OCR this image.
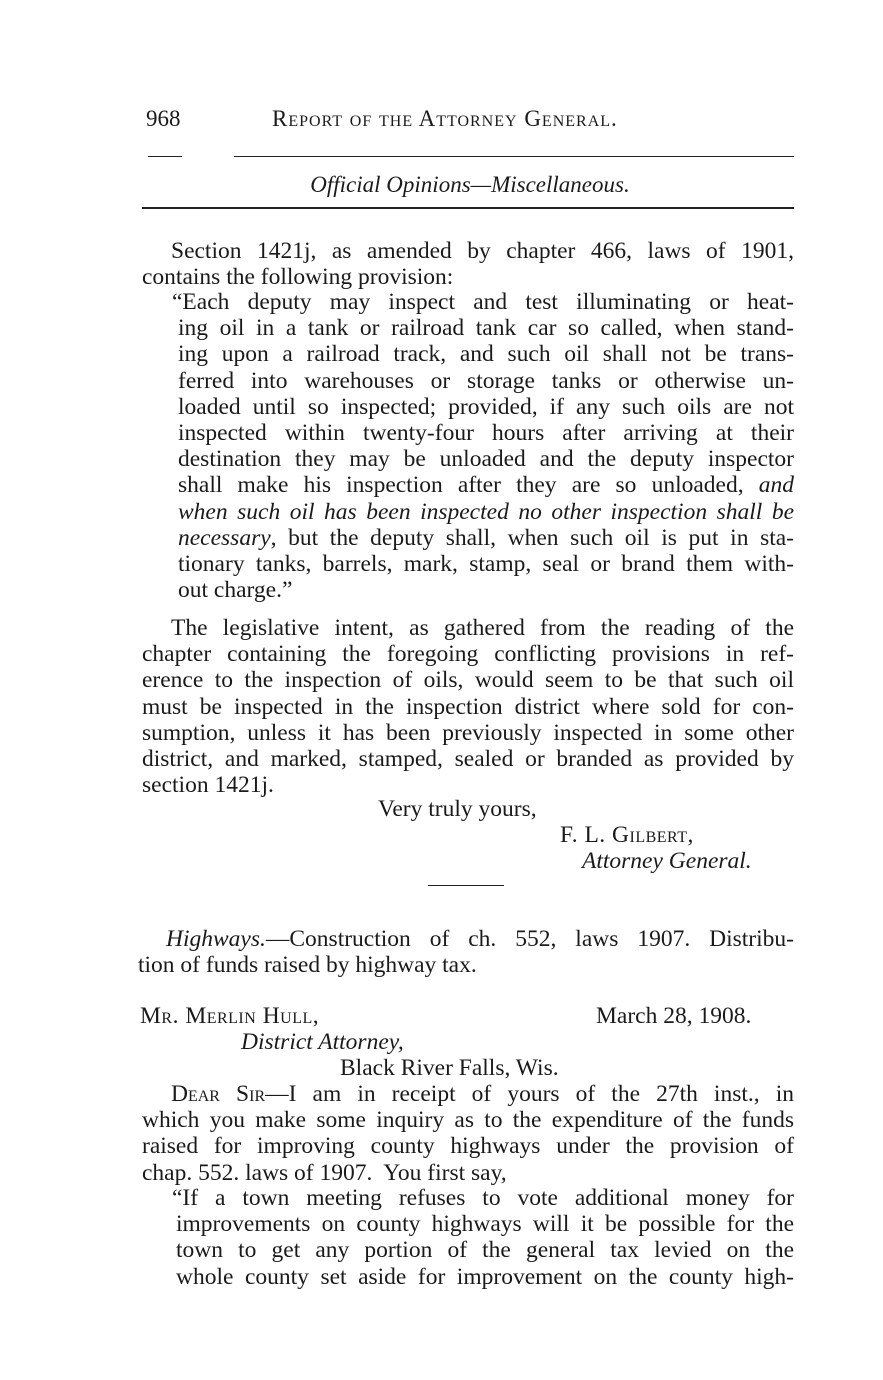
968	Report of the Attorney General.
Official Opinions—Miscellaneous.
Section 1421j, as amended by chapter 466, laws of 1901,
contains the following provision:
“Each deputy may inspect and test illuminating or heat-
ing oil in a tank or railroad tank car so called, when stand-
ing upon a railroad track, and such oil shall not be trans-
ferred into warehouses or storage tanks or otherwise un-
loaded until so inspected; provided, if any such oils are not
inspected within twenty-four hours after arriving at their
destination they may be unloaded and the deputy inspector
shall make his inspection after they are so unloaded, and
when such oil has been inspected no other inspection shall be
necessary, but the deputy shall, when such oil is put in sta-
tionary tanks, barrels, mark, stamp, seal or brand them with-
out charge.”
The legislative intent, as gathered from the reading of the
chapter containing the foregoing conflicting provisions in ref-
erence to the inspection of oils, would seem to be that such oil
must be inspected in the inspection district where sold for con-
sumption, unless it has been previously inspected in some other
district, and marked, stamped, sealed or branded as provided by
section 1421j.
Very truly yours,
F. L. Gilbert,
Attorney General.
Highways.—Construction of ch. 552, laws 1907. Distribu-
tion of funds raised by highway tax.
Mr. Merlin Hull,	March 28, 1908.
District Attorney,
Black River Falls, Wis.
Dear Sir—I am in receipt of yours of the 27th inst., in
which you make some inquiry as to the expenditure of the funds
raised for improving county highways under the provision of
chap. 552. laws of 1907.  You first say,
“If a town meeting refuses to vote additional money for
improvements on county highways will it be possible for the
town to get any portion of the general tax levied on the
whole county set aside for improvement on the county high-
